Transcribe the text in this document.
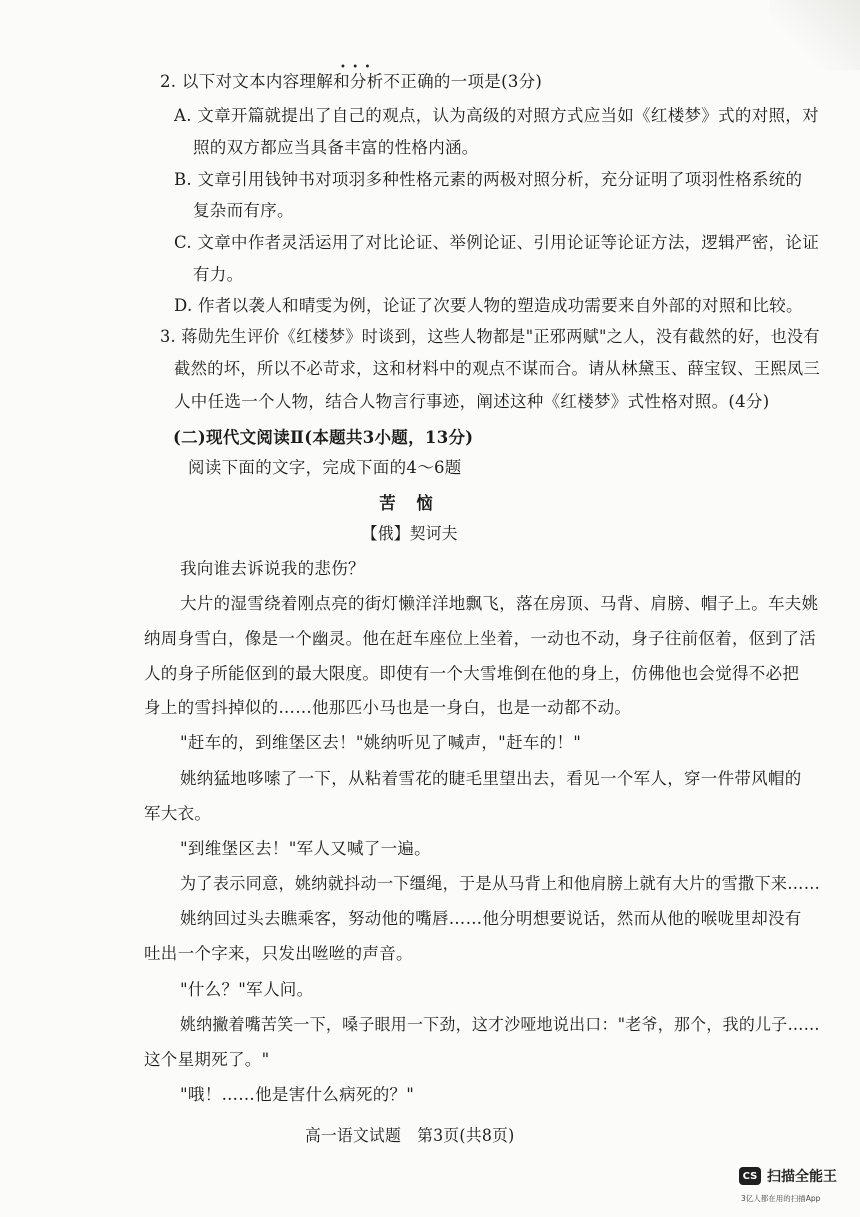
2. 以下对文本内容理解和分析不正确的一项是(3分)
•  •  •
A. 文章开篇就提出了自己的观点，认为高级的对照方式应当如《红楼梦》式的对照，对
照的双方都应当具备丰富的性格内涵。
B. 文章引用钱钟书对项羽多种性格元素的两极对照分析，充分证明了项羽性格系统的
复杂而有序。
C. 文章中作者灵活运用了对比论证、举例论证、引用论证等论证方法，逻辑严密，论证
有力。
D. 作者以袭人和晴雯为例，论证了次要人物的塑造成功需要来自外部的对照和比较。
3. 蒋勋先生评价《红楼梦》时谈到，这些人物都是"正邪两赋"之人，没有截然的好，也没有
截然的坏，所以不必苛求，这和材料中的观点不谋而合。请从林黛玉、薛宝钗、王熙凤三
人中任选一个人物，结合人物言行事迹，阐述这种《红楼梦》式性格对照。(4分)
(二)现代文阅读Ⅱ(本题共3小题，13分)
阅读下面的文字，完成下面的4～6题
苦 恼
【俄】契诃夫
我向谁去诉说我的悲伤？
大片的湿雪绕着刚点亮的街灯懒洋洋地飘飞，落在房顶、马背、肩膀、帽子上。车夫姚
纳周身雪白，像是一个幽灵。他在赶车座位上坐着，一动也不动，身子往前伛着，伛到了活
人的身子所能伛到的最大限度。即使有一个大雪堆倒在他的身上，仿佛他也会觉得不必把
身上的雪抖掉似的……他那匹小马也是一身白，也是一动都不动。
"赶车的，到维堡区去！"姚纳听见了喊声，"赶车的！"
姚纳猛地哆嗦了一下，从粘着雪花的睫毛里望出去，看见一个军人，穿一件带风帽的
军大衣。
"到维堡区去！"军人又喊了一遍。
为了表示同意，姚纳就抖动一下缰绳，于是从马背上和他肩膀上就有大片的雪撒下来……
姚纳回过头去瞧乘客，努动他的嘴唇……他分明想要说话，然而从他的喉咙里却没有
吐出一个字来，只发出咝咝的声音。
"什么？"军人问。
姚纳撇着嘴苦笑一下，嗓子眼用一下劲，这才沙哑地说出口："老爷，那个，我的儿子……
这个星期死了。"
"哦！……他是害什么病死的？"
高一语文试题　第3页(共8页)
CS 扫描全能王
3亿人都在用的扫描App
